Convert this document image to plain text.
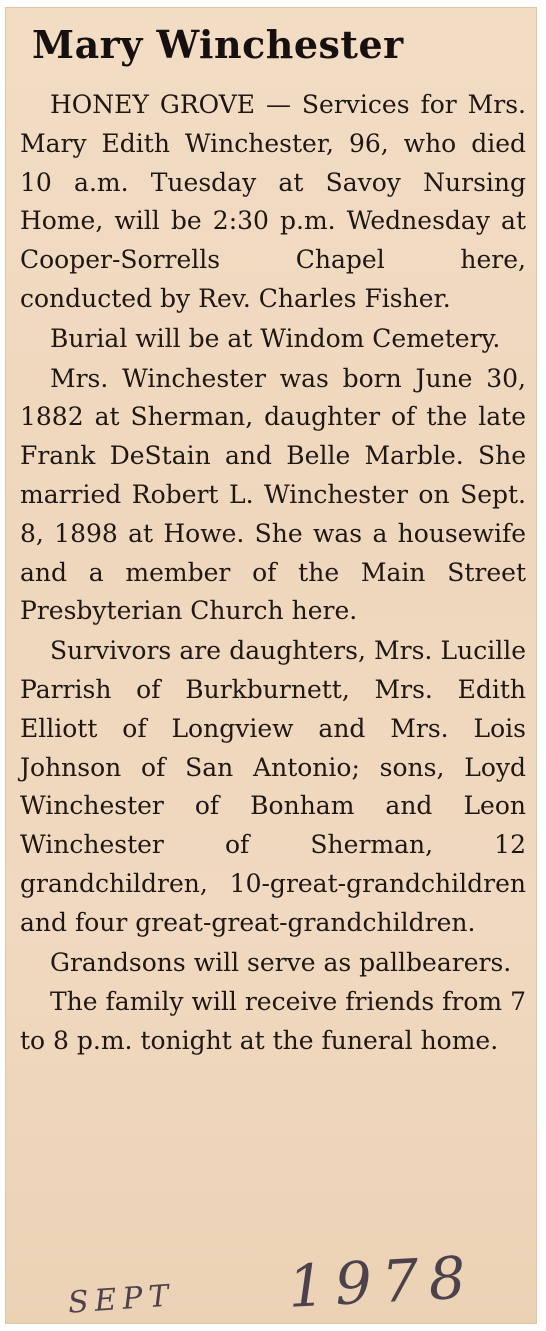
Mary Winchester

HONEY GROVE — Services for Mrs. Mary Edith Winchester, 96, who died 10 a.m. Tuesday at Savoy Nursing Home, will be 2:30 p.m. Wednesday at Cooper-Sorrells Chapel here, conducted by Rev. Charles Fisher.

Burial will be at Windom Cemetery.

Mrs. Winchester was born June 30, 1882 at Sherman, daughter of the late Frank DeStain and Belle Marble. She married Robert L. Winchester on Sept. 8, 1898 at Howe. She was a housewife and a member of the Main Street Presbyterian Church here.

Survivors are daughters, Mrs. Lucille Parrish of Burkburnett, Mrs. Edith Elliott of Longview and Mrs. Lois Johnson of San Antonio; sons, Loyd Winchester of Bonham and Leon Winchester of Sherman, 12 grandchildren, 10-great-grandchildren and four great-great-grandchildren.

Grandsons will serve as pallbearers.

The family will receive friends from 7 to 8 p.m. tonight at the funeral home.

SEPT 1978
